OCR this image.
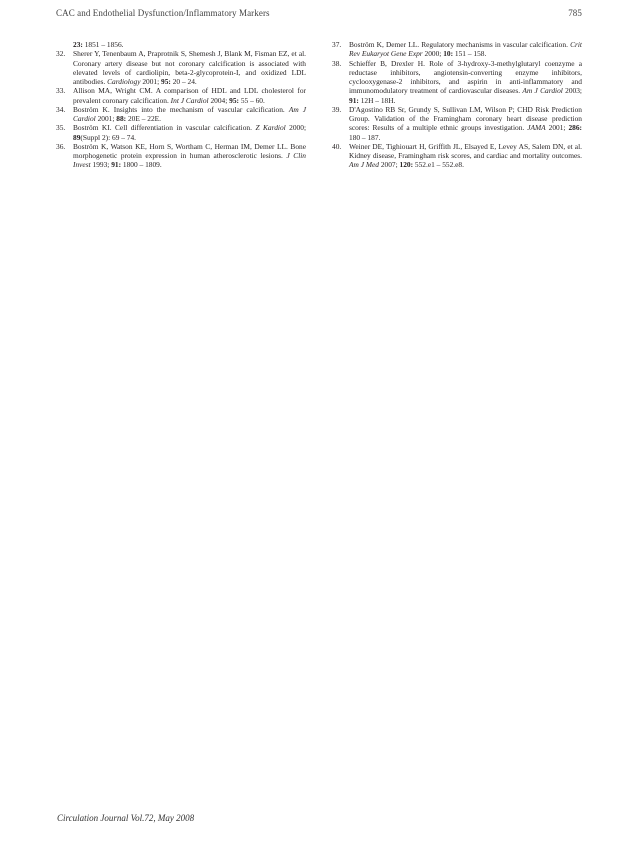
CAC and Endothelial Dysfunction/Inflammatory Markers	785
23: 1851 – 1856.
32.	Sherer Y, Tenenbaum A, Praprotnik S, Shemesh J, Blank M, Fisman EZ, et al. Coronary artery disease but not coronary calcification is associated with elevated levels of cardiolipin, beta-2-glycoprotein-I, and oxidized LDL antibodies. Cardiology 2001; 95: 20 – 24.
33.	Allison MA, Wright CM. A comparison of HDL and LDL cholesterol for prevalent coronary calcification. Int J Cardiol 2004; 95: 55 – 60.
34.	Boström K. Insights into the mechanism of vascular calcification. Am J Cardiol 2001; 88: 20E – 22E.
35.	Boström KI. Cell differentiation in vascular calcification. Z Kardiol 2000; 89(Suppl 2): 69 – 74.
36.	Boström K, Watson KE, Horn S, Wortham C, Herman IM, Demer LL. Bone morphogenetic protein expression in human atherosclerotic lesions. J Clin Invest 1993; 91: 1800 – 1809.
37.	Boström K, Demer LL. Regulatory mechanisms in vascular calcification. Crit Rev Eukaryot Gene Expr 2000; 10: 151 – 158.
38.	Schieffer B, Drexler H. Role of 3-hydroxy-3-methylglutaryl coenzyme a reductase inhibitors, angiotensin-converting enzyme inhibitors, cyclooxygenase-2 inhibitors, and aspirin in anti-inflammatory and immunomodulatory treatment of cardiovascular diseases. Am J Cardiol 2003; 91: 12H – 18H.
39.	D'Agostino RB Sr, Grundy S, Sullivan LM, Wilson P; CHD Risk Prediction Group. Validation of the Framingham coronary heart disease prediction scores: Results of a multiple ethnic groups investigation. JAMA 2001; 286: 180 – 187.
40.	Weiner DE, Tighiouart H, Griffith JL, Elsayed E, Levey AS, Salem DN, et al. Kidney disease, Framingham risk scores, and cardiac and mortality outcomes. Am J Med 2007; 120: 552.e1 – 552.e8.
Circulation Journal Vol.72, May 2008
